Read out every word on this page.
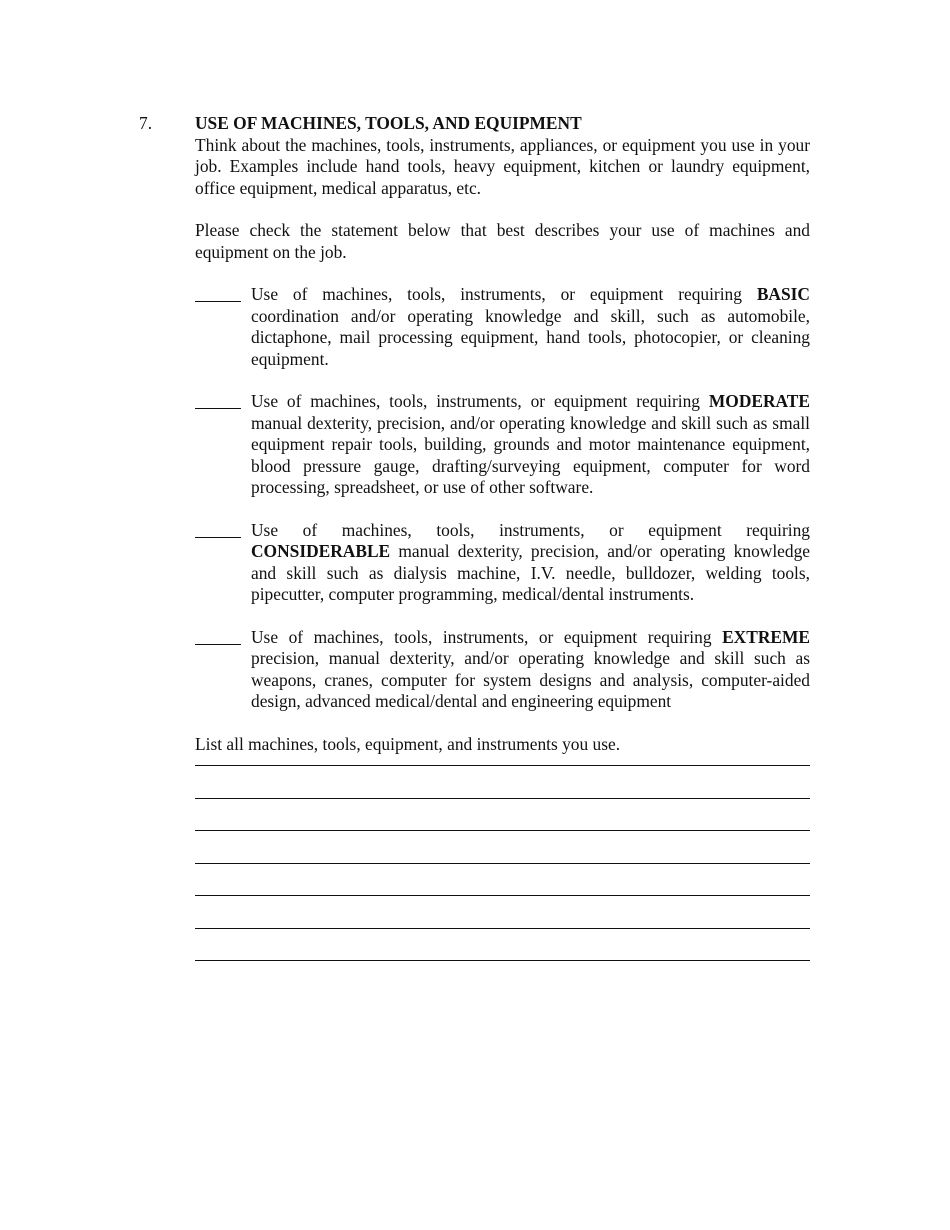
7. USE OF MACHINES, TOOLS, AND EQUIPMENT

Think about the machines, tools, instruments, appliances, or equipment you use in your job. Examples include hand tools, heavy equipment, kitchen or laundry equipment, office equipment, medical apparatus, etc.

Please check the statement below that best describes your use of machines and equipment on the job.

Use of machines, tools, instruments, or equipment requiring BASIC coordination and/or operating knowledge and skill, such as automobile, dictaphone, mail processing equipment, hand tools, photocopier, or cleaning equipment.
Use of machines, tools, instruments, or equipment requiring MODERATE manual dexterity, precision, and/or operating knowledge and skill such as small equipment repair tools, building, grounds and motor maintenance equipment, blood pressure gauge, drafting/surveying equipment, computer for word processing, spreadsheet, or use of other software.
Use of machines, tools, instruments, or equipment requiring CONSIDERABLE manual dexterity, precision, and/or operating knowledge and skill such as dialysis machine, I.V. needle, bulldozer, welding tools, pipecutter, computer programming, medical/dental instruments.
Use of machines, tools, instruments, or equipment requiring EXTREME precision, manual dexterity, and/or operating knowledge and skill such as weapons, cranes, computer for system designs and analysis, computer-aided design, advanced medical/dental and engineering equipment

List all machines, tools, equipment, and instruments you use.
